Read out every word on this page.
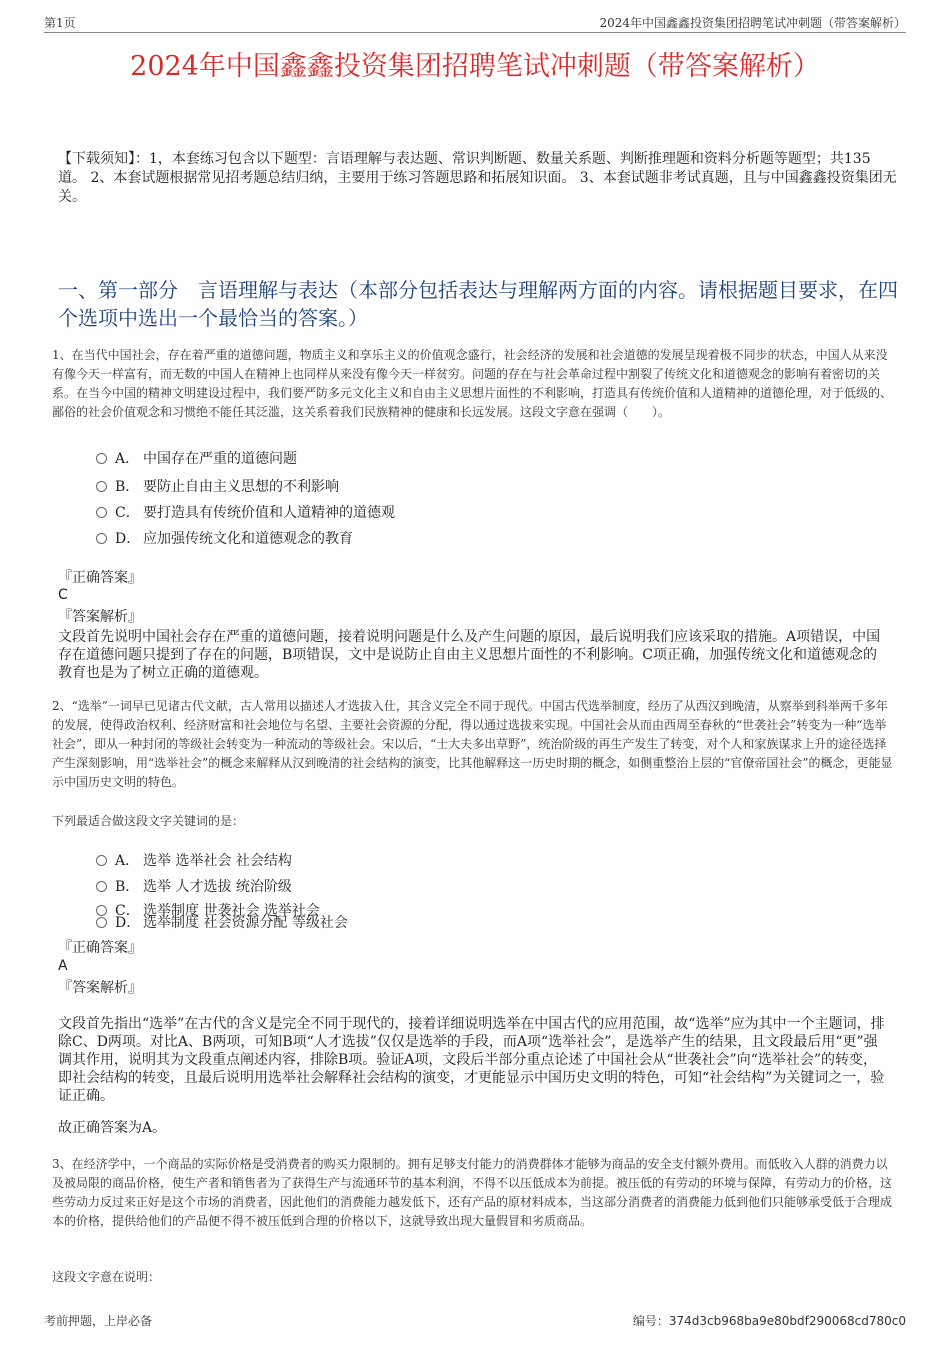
第1页	2024年中国鑫鑫投资集团招聘笔试冲刺题（带答案解析）
2024年中国鑫鑫投资集团招聘笔试冲刺题（带答案解析）
【下载须知】：1，本套练习包含以下题型：言语理解与表达题、常识判断题、数量关系题、判断推理题和资料分析题等题型；共135道。 2、本套试题根据常见招考题总结归纳，主要用于练习答题思路和拓展知识面。 3、本套试题非考试真题，且与中国鑫鑫投资集团无关。
一、第一部分　言语理解与表达（本部分包括表达与理解两方面的内容。请根据题目要求，在四个选项中选出一个最恰当的答案。）
1、在当代中国社会，存在着严重的道德问题，物质主义和享乐主义的价值观念盛行，社会经济的发展和社会道德的发展呈现着极不同步的状态，中国人从来没有像今天一样富有，而无数的中国人在精神上也同样从来没有像今天一样贫穷。问题的存在与社会革命过程中割裂了传统文化和道德观念的影响有着密切的关系。在当今中国的精神文明建设过程中，我们要严防多元文化主义和自由主义思想片面性的不利影响，打造具有传统价值和人道精神的道德伦理，对于低级的、鄙俗的社会价值观念和习惯绝不能任其泛滥，这关系着我们民族精神的健康和长远发展。这段文字意在强调（　　）。
A． 中国存在严重的道德问题
B． 要防止自由主义思想的不利影响
C． 要打造具有传统价值和人道精神的道德观
D． 应加强传统文化和道德观念的教育
『正确答案』
C
『答案解析』
文段首先说明中国社会存在严重的道德问题，接着说明问题是什么及产生问题的原因，最后说明我们应该采取的措施。A项错误，中国存在道德问题只提到了存在的问题，B项错误，文中是说防止自由主义思想片面性的不利影响。C项正确，加强传统文化和道德观念的教育也是为了树立正确的道德观。
2、“选举”一词早已见诸古代文献，古人常用以描述人才选拔入仕，其含义完全不同于现代。中国古代选举制度，经历了从西汉到晚清，从察举到科举两千多年的发展，使得政治权利、经济财富和社会地位与名望、主要社会资源的分配，得以通过选拔来实现。中国社会从而由西周至春秋的“世袭社会”转变为一种“选举社会”，即从一种封闭的等级社会转变为一种流动的等级社会。宋以后，“士大夫多出草野”，统治阶级的再生产发生了转变，对个人和家族谋求上升的途径选择产生深刻影响，用“选举社会”的概念来解释从汉到晚清的社会结构的演变，比其他解释这一历史时期的概念，如侧重整治上层的“官僚帝国社会”的概念，更能显示中国历史文明的特色。
下列最适合做这段文字关键词的是：
A． 选举 选举社会 社会结构
B． 选举 人才选拔 统治阶级
C． 选举制度 世袭社会 选举社会
D． 选举制度 社会资源分配 等级社会
『正确答案』
A
『答案解析』
文段首先指出“选举”在古代的含义是完全不同于现代的，接着详细说明选举在中国古代的应用范围，故“选举”应为其中一个主题词，排除C、D两项。对比A、B两项，可知B项“人才选拔”仅仅是选举的手段，而A项“选举社会”，是选举产生的结果，且文段最后用“更”强调其作用，说明其为文段重点阐述内容，排除B项。验证A项，文段后半部分重点论述了中国社会从“世袭社会”向“选举社会”的转变，即社会结构的转变，且最后说明用选举社会解释社会结构的演变，才更能显示中国历史文明的特色，可知“社会结构”为关键词之一，验证正确。
故正确答案为A。
3、在经济学中，一个商品的实际价格是受消费者的购买力限制的。拥有足够支付能力的消费群体才能够为商品的安全支付额外费用。而低收入人群的消费力以及被局限的商品价格，使生产者和销售者为了获得生产与流通环节的基本利润，不得不以压低成本为前提。被压低的有劳动的环境与保障，有劳动力的价格，这些劳动力反过来正好是这个市场的消费者，因此他们的消费能力越发低下，还有产品的原材料成本，当这部分消费者的消费能力低到他们只能够承受低于合理成本的价格，提供给他们的产品便不得不被压低到合理的价格以下，这就导致出现大量假冒和劣质商品。
这段文字意在说明：
考前押题，上岸必备	编号：374d3cb968ba9e80bdf290068cd780c0
